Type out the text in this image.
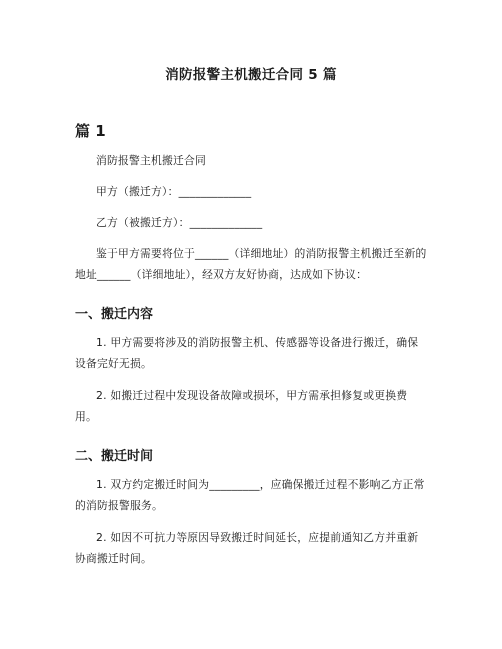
消防报警主机搬迁合同 5 篇
篇 1
消防报警主机搬迁合同
甲方（搬迁方）：_____________
乙方（被搬迁方）：_____________
鉴于甲方需要将位于______（详细地址）的消防报警主机搬迁至新的地址______（详细地址），经双方友好协商，达成如下协议：
一、搬迁内容
1. 甲方需要将涉及的消防报警主机、传感器等设备进行搬迁，确保设备完好无损。
2. 如搬迁过程中发现设备故障或损坏，甲方需承担修复或更换费用。
二、搬迁时间
1. 双方约定搬迁时间为_________，应确保搬迁过程不影响乙方正常的消防报警服务。
2. 如因不可抗力等原因导致搬迁时间延长，应提前通知乙方并重新协商搬迁时间。
